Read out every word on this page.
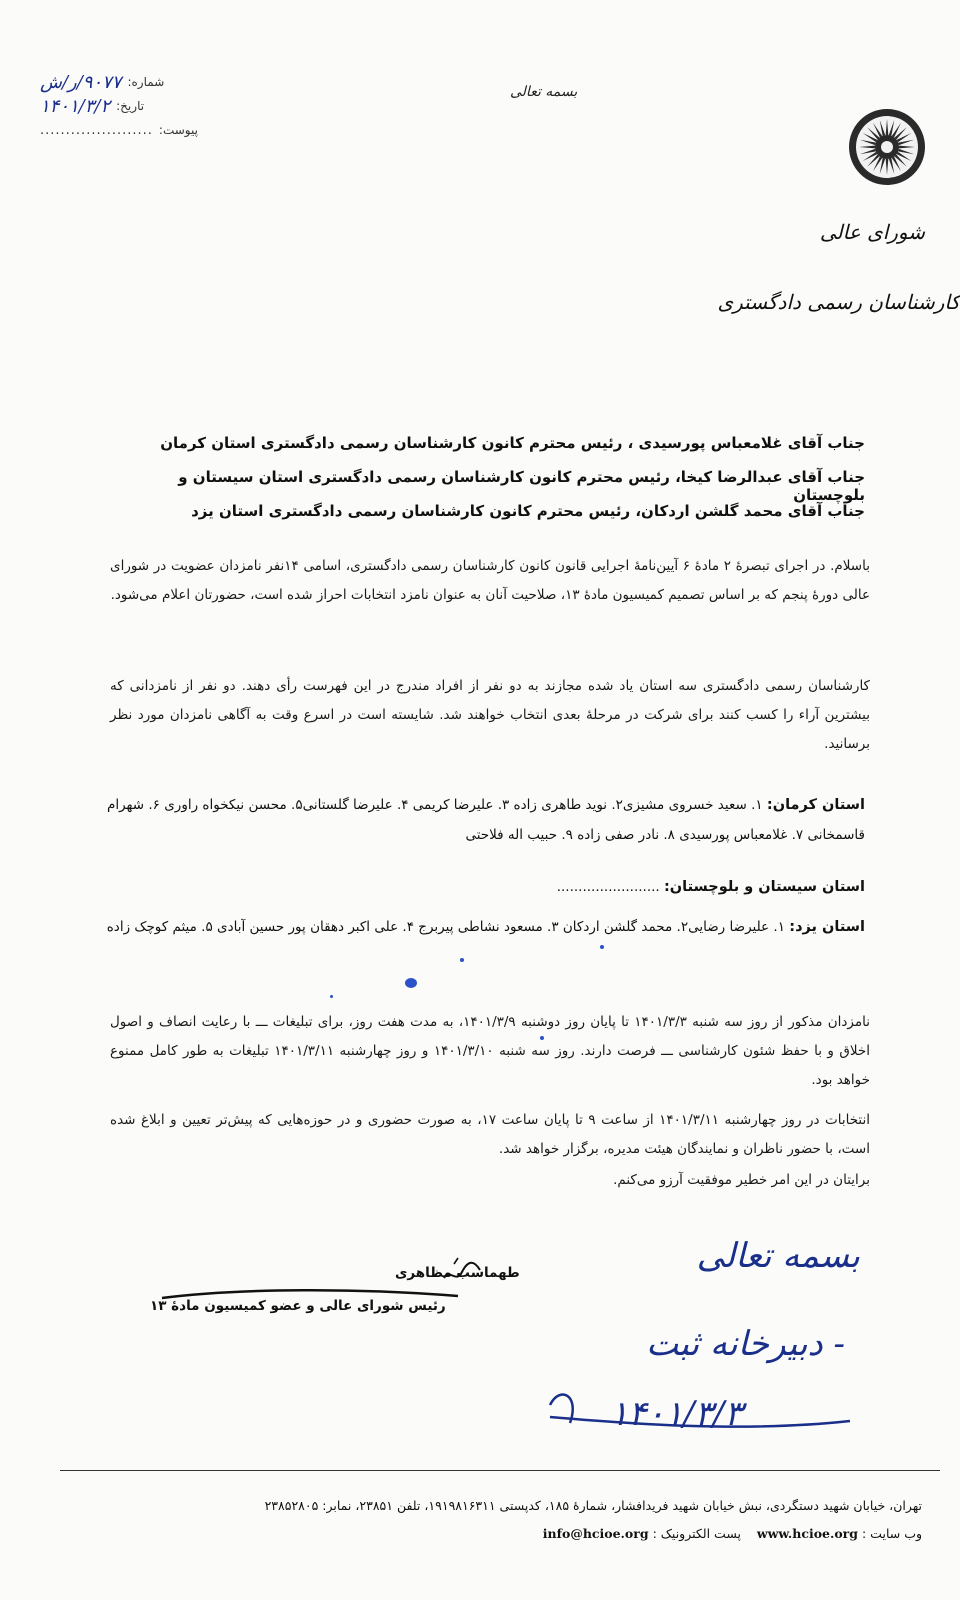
بسمه تعالی
شماره:
۹۰۷۷/ر/ش
تاریخ:
۱۴۰۱/۳/۲
پیوست:
......................
شورای عالی
کارشناسان رسمی دادگستری
جناب آقای غلامعباس پورسیدی ، رئیس محترم کانون کارشناسان رسمی دادگستری استان کرمان
جناب آقای عبدالرضا کیخا، رئیس محترم کانون کارشناسان رسمی دادگستری استان سیستان و بلوچستان
جناب آقای محمد گلشن اردکان، رئیس محترم کانون کارشناسان رسمی دادگستری استان یزد
باسلام. در اجرای تبصرهٔ ۲ مادهٔ ۶ آیین‌نامهٔ اجرایی قانون کانون کارشناسان رسمی دادگستری، اسامی ۱۴نفر نامزدان عضویت در شورای عالی دورهٔ پنجم که بر اساس تصمیم کمیسیون مادهٔ ۱۳، صلاحیت آنان به عنوان نامزد انتخابات احراز شده است، حضورتان اعلام می‌شود.
کارشناسان رسمی دادگستری سه استان یاد شده مجازند به دو نفر از افراد مندرج در این فهرست رأی دهند. دو نفر از نامزدانی که بیشترین آراء را کسب کنند برای شرکت در مرحلهٔ بعدی انتخاب خواهند شد. شایسته است در اسرع وقت به آگاهی نامزدان مورد نظر برسانید.
استان کرمان: ۱. سعید خسروی مشیزی۲. نوید طاهری زاده ۳. علیرضا کریمی ۴. علیرضا گلستانی۵. محسن نیکخواه راوری ۶. شهرام قاسمخانی ۷. غلامعباس پورسیدی ۸. نادر صفی زاده ۹. حبیب اله فلاحتی
استان سیستان و بلوچستان: ........................
استان یزد: ۱. علیرضا رضایی۲. محمد گلشن اردکان ۳. مسعود نشاطی پیربرج ۴. علی اکبر دهقان پور حسین آبادی ۵. میثم کوچک زاده
نامزدان مذکور از روز سه شنبه ۱۴۰۱/۳/۳ تا پایان روز دوشنبه ۱۴۰۱/۳/۹، به مدت هفت روز، برای تبلیغات ـــ با رعایت انصاف و اصول اخلاق و با حفظ شئون کارشناسی ـــ فرصت دارند. روز سه شنبه ۱۴۰۱/۳/۱۰ و روز چهارشنبه ۱۴۰۱/۳/۱۱ تبلیغات به طور کامل ممنوع خواهد بود.
انتخابات در روز چهارشنبه ۱۴۰۱/۳/۱۱ از ساعت ۹ تا پایان ساعت ۱۷، به صورت حضوری و در حوزه‌هایی که پیش‌تر تعیین و ابلاغ شده است، با حضور ناظران و نمایندگان هیئت مدیره، برگزار خواهد شد.
برایتان در این امر خطیر موفقیت آرزو می‌کنم.
طهماسب مظاهری
رئیس شورای عالی و عضو کمیسیون مادهٔ ۱۳
بسمه تعالی
- دبیرخانه ثبت
۱۴۰۱/۳/۳
تهران، خیابان شهید دستگردی، نبش خیابان شهید فریدافشار، شمارهٔ ۱۸۵، کدپستی ۱۹۱۹۸۱۶۳۱۱، تلفن ۲۳۸۵۱، نمابر: ۲۳۸۵۲۸۰۵
وب سایت : www.hcioe.org    پست الکترونیک : info@hcioe.org
